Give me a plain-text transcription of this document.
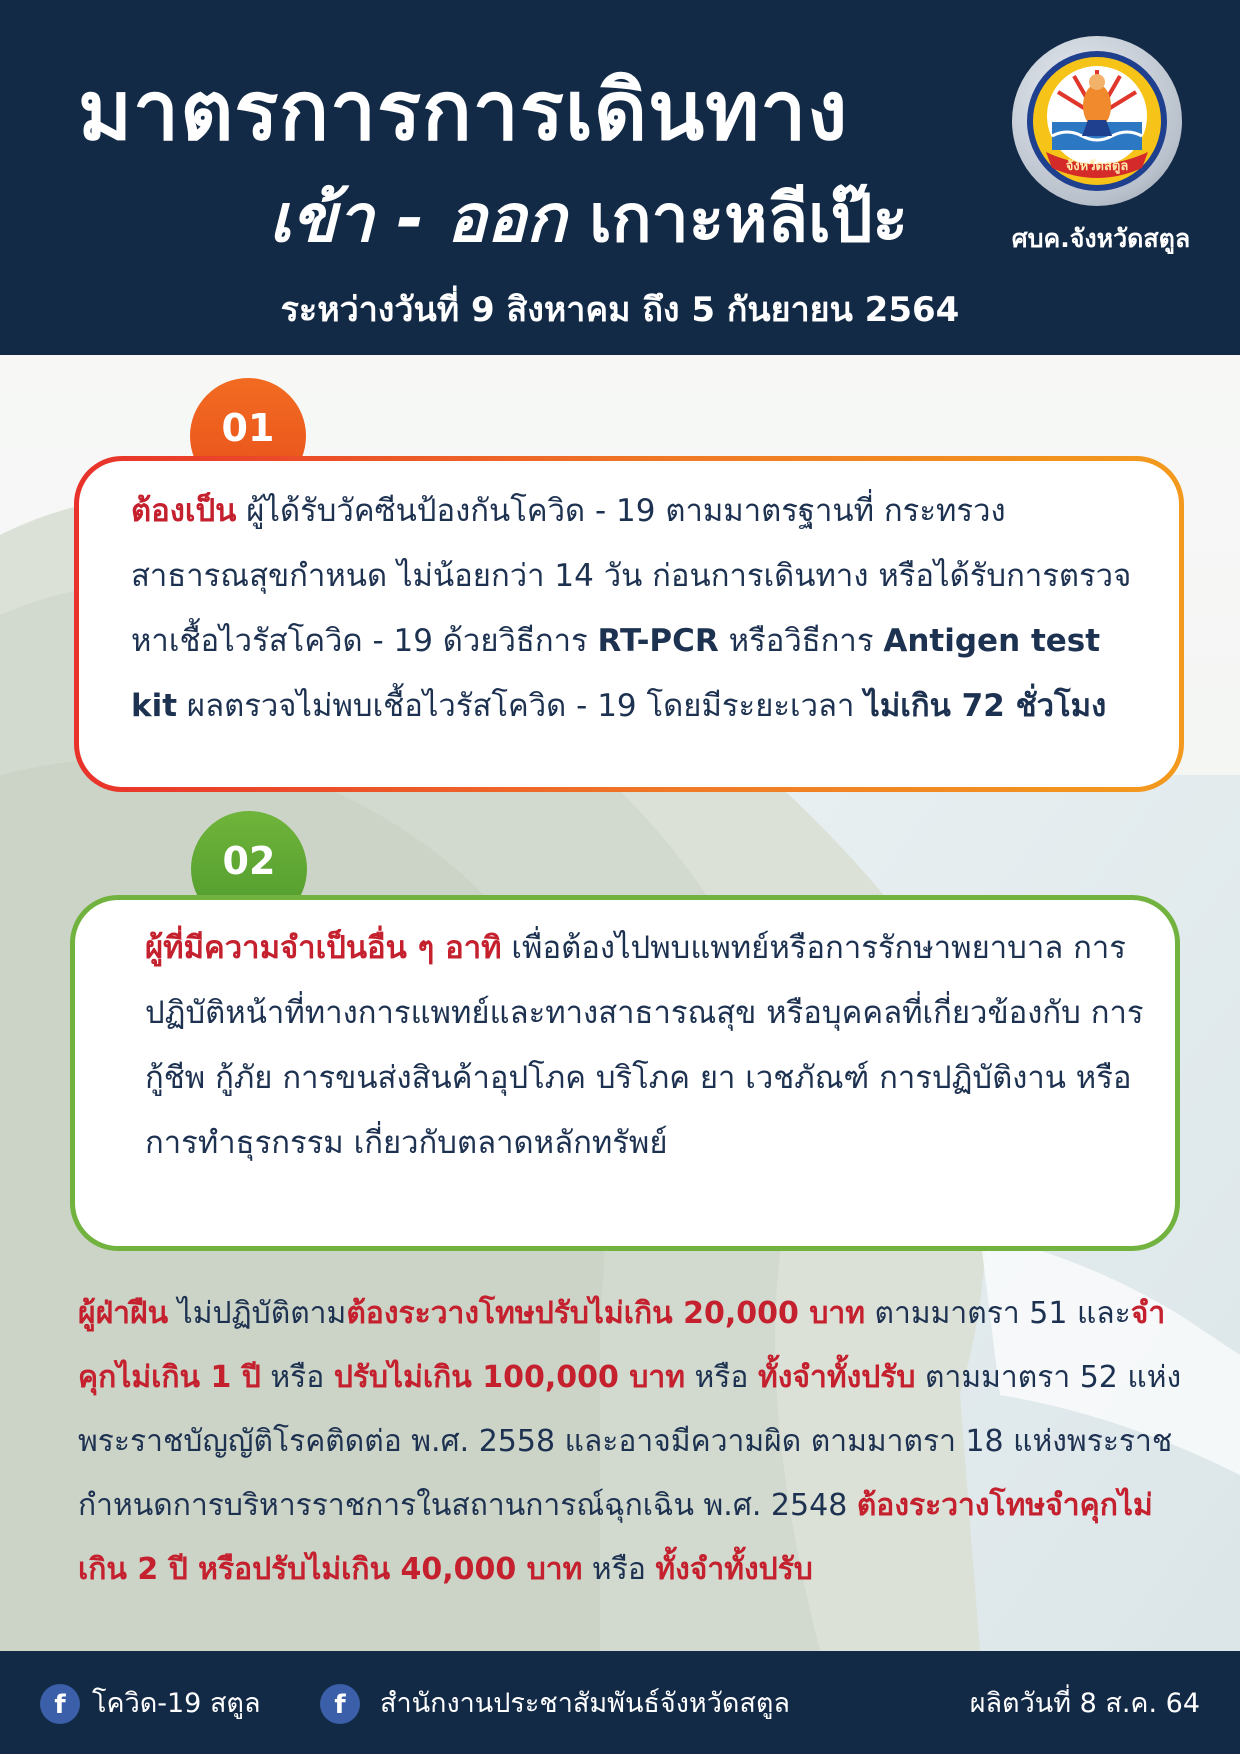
มาตรการการเดินทาง
เข้า - ออก เกาะหลีเป๊ะ
ระหว่างวันที่ 9 สิงหาคม ถึง 5 กันยายน 2564
จังหวัดสตูล
ศบค.จังหวัดสตูล
01
ต้องเป็น ผู้ได้รับวัคซีนป้องกันโควิด - 19 ตามมาตรฐานที่ กระทรวงสาธารณสุขกำหนด ไม่น้อยกว่า 14 วัน ก่อนการเดินทาง หรือได้รับการตรวจหาเชื้อไวรัสโควิด - 19 ด้วยวิธีการ RT-PCR หรือวิธีการ Antigen test kit ผลตรวจไม่พบเชื้อไวรัสโควิด - 19 โดยมีระยะเวลา ไม่เกิน 72 ชั่วโมง
02
ผู้ที่มีความจำเป็นอื่น ๆ อาทิ เพื่อต้องไปพบแพทย์หรือการรักษาพยาบาล การปฏิบัติหน้าที่ทางการแพทย์และทางสาธารณสุข หรือบุคคลที่เกี่ยวข้องกับ การกู้ชีพ กู้ภัย การขนส่งสินค้าอุปโภค บริโภค ยา เวชภัณฑ์ การปฏิบัติงาน หรือการทำธุรกรรม เกี่ยวกับตลาดหลักทรัพย์
ผู้ฝ่าฝืน ไม่ปฏิบัติตามต้องระวางโทษปรับไม่เกิน 20,000 บาท ตามมาตรา 51 และจำคุกไม่เกิน 1 ปี หรือ ปรับไม่เกิน 100,000 บาท หรือ ทั้งจำทั้งปรับ ตามมาตรา 52 แห่งพระราชบัญญัติโรคติดต่อ พ.ศ. 2558 และอาจมีความผิด ตามมาตรา 18 แห่งพระราชกำหนดการบริหารราชการในสถานการณ์ฉุกเฉิน พ.ศ. 2548 ต้องระวางโทษจำคุกไม่เกิน 2 ปี หรือปรับไม่เกิน 40,000 บาท หรือ ทั้งจำทั้งปรับ
f โควิด-19 สตูล	f	สำนักงานประชาสัมพันธ์จังหวัดสตูล	ผลิตวันที่ 8 ส.ค. 64
